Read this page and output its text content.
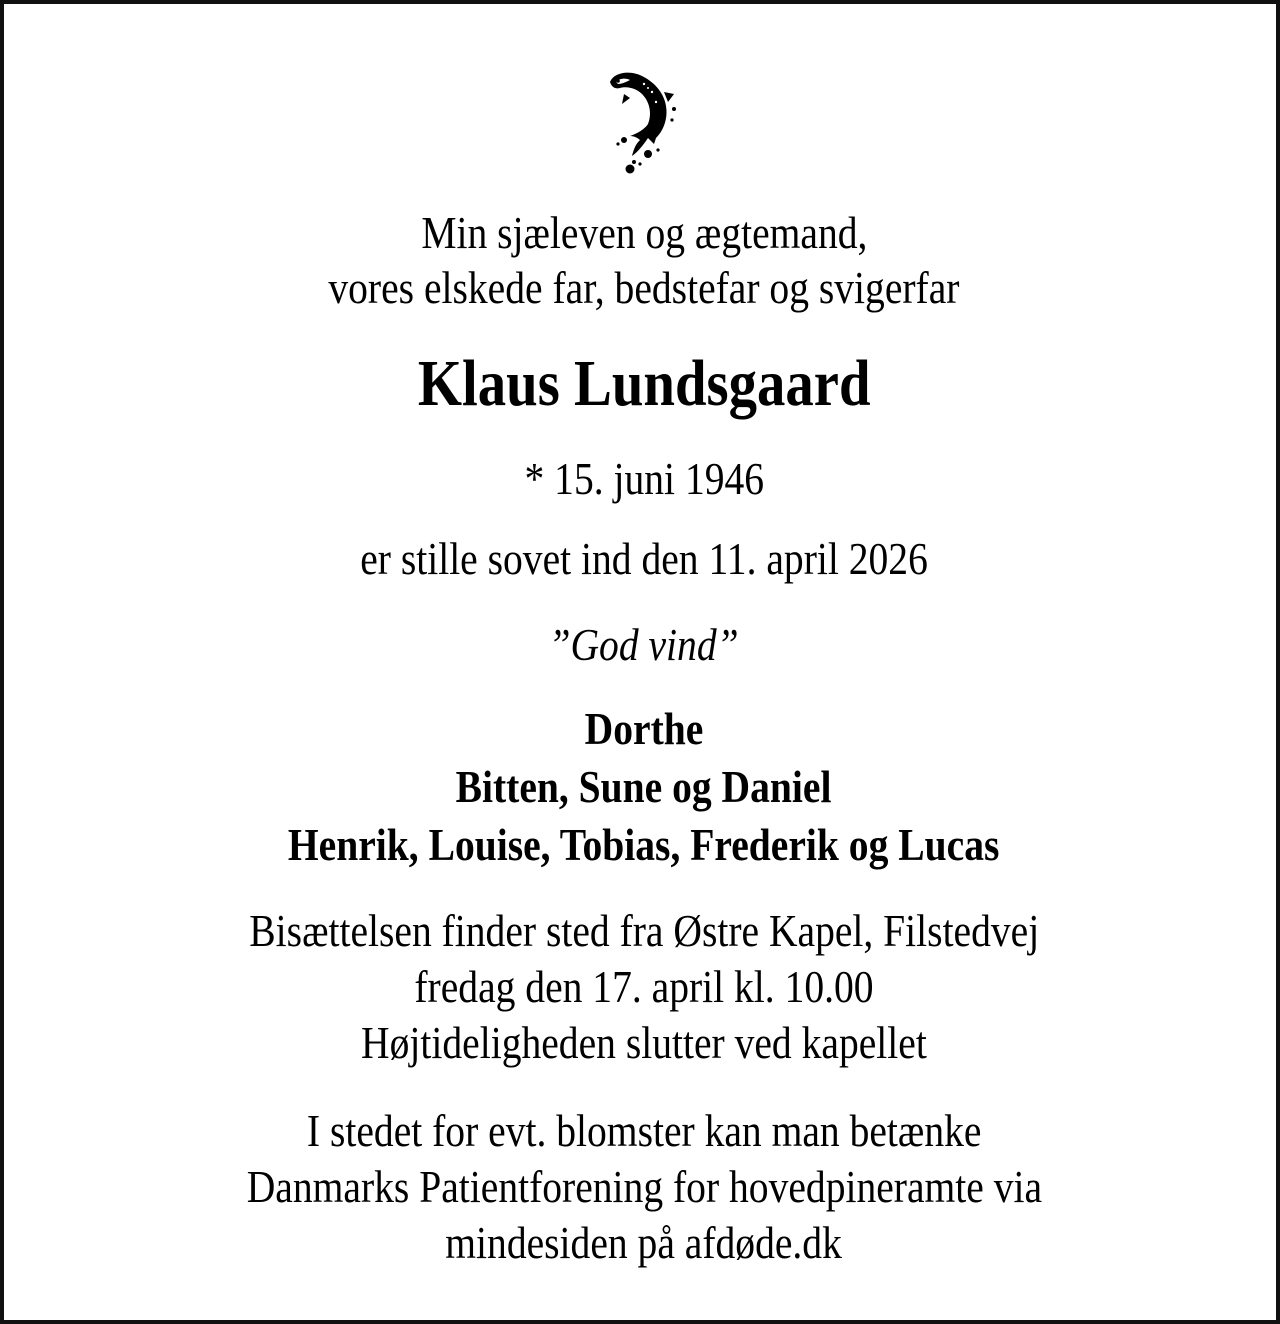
Min sjæleven og ægtemand,
vores elskede far, bedstefar og svigerfar
Klaus Lundsgaard
* 15. juni 1946
er stille sovet ind den 11. april 2026
”God vind”
Dorthe
Bitten, Sune og Daniel
Henrik, Louise, Tobias, Frederik og Lucas
Bisættelsen finder sted fra Østre Kapel, Filstedvej
fredag den 17. april kl. 10.00
Højtideligheden slutter ved kapellet
I stedet for evt. blomster kan man betænke
Danmarks Patientforening for hovedpineramte via
mindesiden på afdøde.dk
